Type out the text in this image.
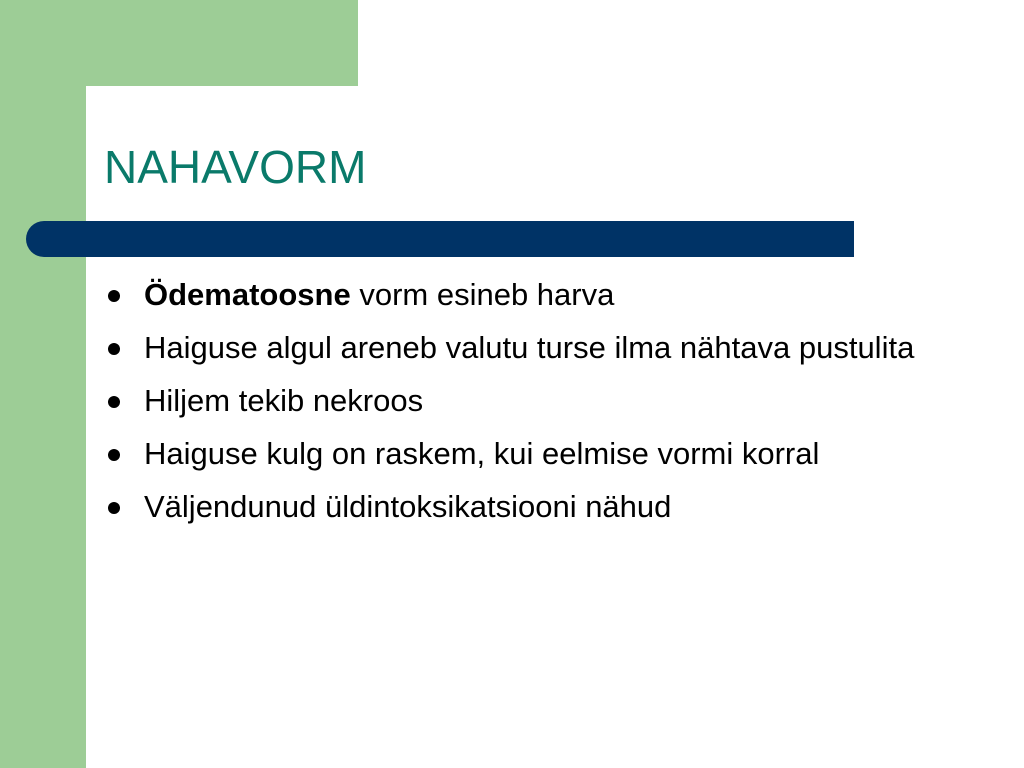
NAHAVORM
Ödematoosne vorm esineb harva
Haiguse algul areneb valutu turse ilma nähtava pustulita
Hiljem tekib nekroos
Haiguse kulg on raskem, kui eelmise vormi korral
Väljendunud üldintoksikatsiooni nähud
